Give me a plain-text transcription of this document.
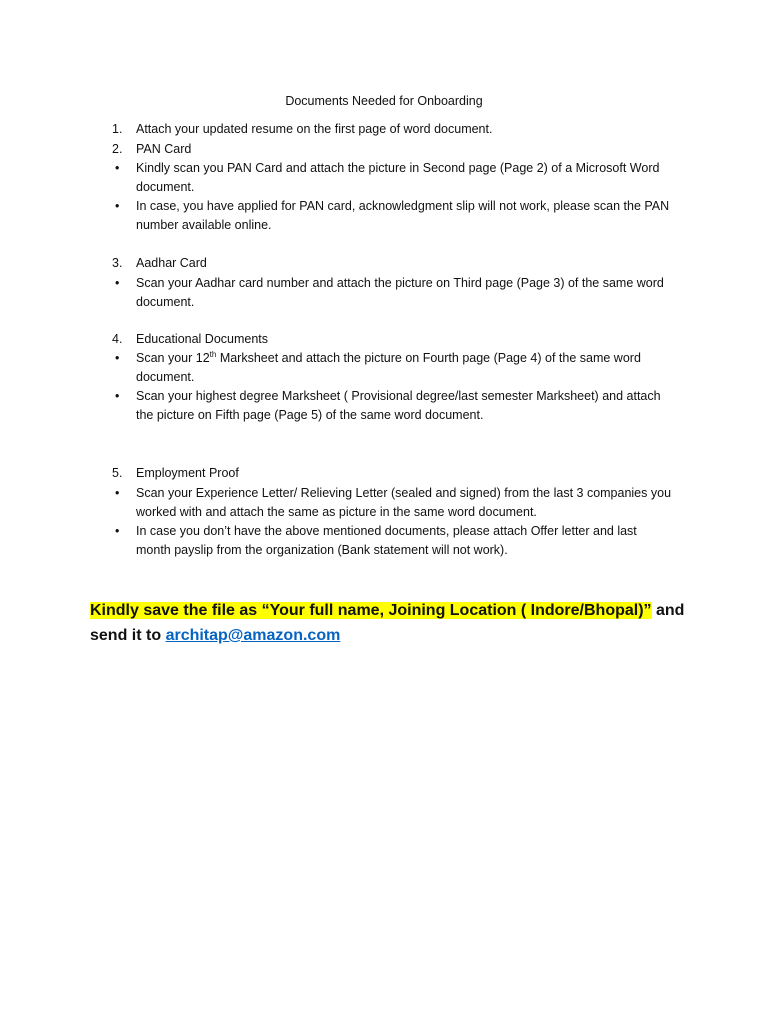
Documents Needed for Onboarding
1. Attach your updated resume on the first page of word document.
2. PAN Card
• Kindly scan you PAN Card and attach the picture in Second page (Page 2) of a Microsoft Word
document.
• In case, you have applied for PAN card, acknowledgment slip will not work, please scan the PAN
number available online.
3. Aadhar Card
• Scan your Aadhar card number and attach the picture on Third page (Page 3) of the same word
document.
4. Educational Documents
• Scan your 12th Marksheet and attach the picture on Fourth page (Page 4) of the same word
document.
• Scan your highest degree Marksheet ( Provisional degree/last semester Marksheet) and attach
the picture on Fifth page (Page 5) of the same word document.
5. Employment Proof
• Scan your Experience Letter/ Relieving Letter (sealed and signed) from the last 3 companies you
worked with and attach the same as picture in the same word document.
• In case you don’t have the above mentioned documents, please attach Offer letter and last
month payslip from the organization (Bank statement will not work).
Kindly save the file as “Your full name, Joining Location ( Indore/Bhopal)” and
send it to architap@amazon.com
